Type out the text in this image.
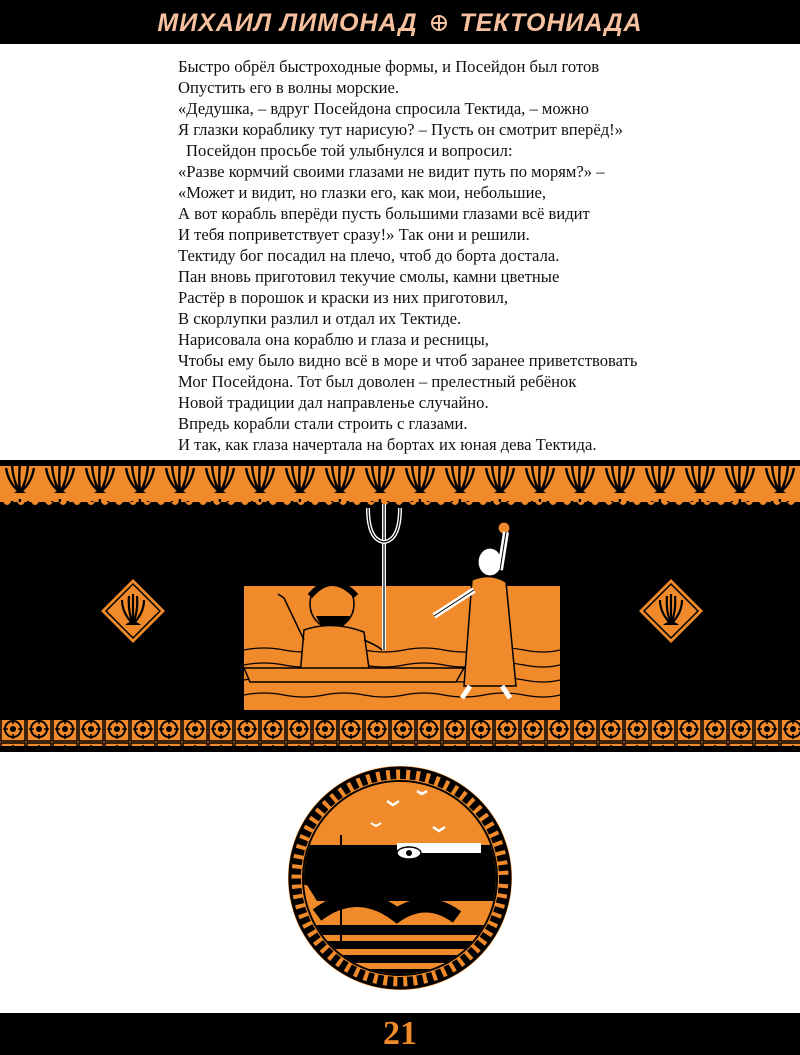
МИХАИЛ ЛИМОНАД ТЕКТОНИАДА
Быстро обрёл быстроходные формы, и Посейдон был готов
Опустить его в волны морские.
«Дедушка, – вдруг Посейдона спросила Тектида, – можно
Я глазки кораблику тут нарисую? – Пусть он смотрит вперёд!»
Посейдон просьбе той улыбнулся и вопросил:
«Разве кормчий своими глазами не видит путь по морям?» –
«Может и видит, но глазки его, как мои, небольшие,
А вот корабль вперёди пусть большими глазами всё видит
И тебя поприветствует сразу!» Так они и решили.
Тектиду бог посадил на плечо, чтоб до борта достала.
Пан вновь приготовил текучие смолы, камни цветные
Растёр в порошок и краски из них приготовил,
В скорлупки разлил и отдал их Тектиде.
Нарисовала она кораблю и глаза и ресницы,
Чтобы ему было видно всё в море и чтоб заранее приветствовать
Мог Посейдона. Тот был доволен – прелестный ребёнок
Новой традиции дал направленье случайно.
Впредь корабли стали строить с глазами.
И так, как глаза начертала на бортах их юная дева Тектида.
21
